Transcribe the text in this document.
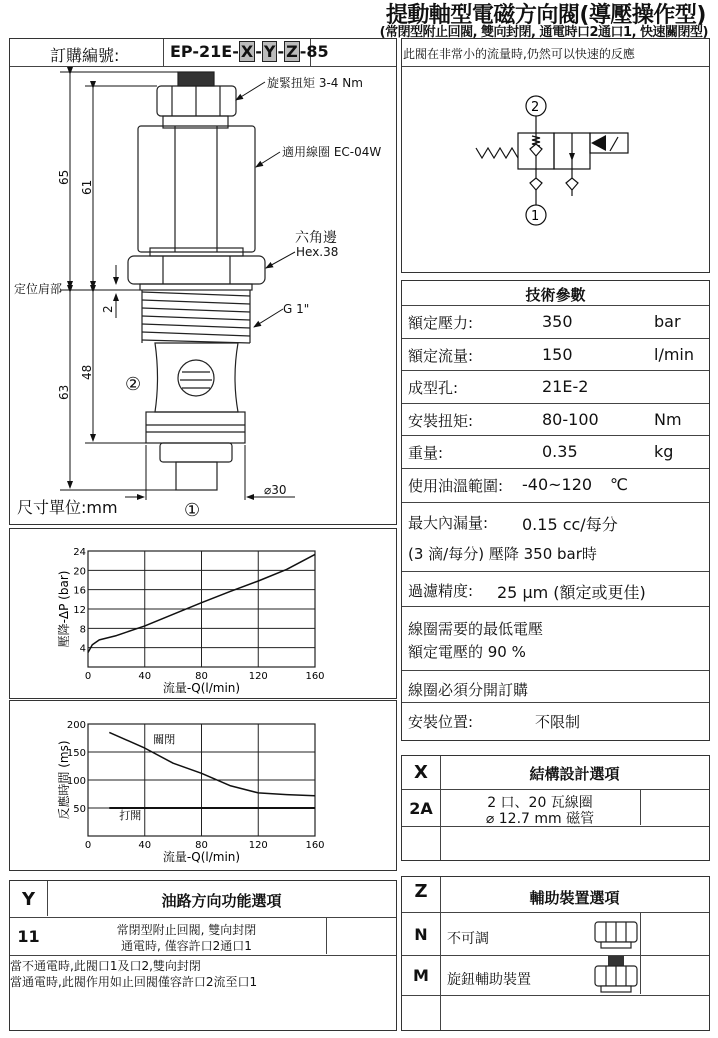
提動軸型電磁方向閥(導壓操作型)
(常閉型附止回閥, 雙向封閉, 通電時口2通口1, 快速關閉型)
訂購編號:	EP-21E- X - Y - Z -85
旋緊扭矩 3-4 Nm
適用線圈 EC-04W
六角邊
Hex.38
G 1"
定位肩部
⌀30
65
61
63
48
2
②
①
尺寸單位:mm
此閥在非常小的流量時,仍然可以快速的反應
2
1
技術參數
額定壓力:	350	bar
額定流量:	150	l/min
成型孔:	21E-2
安裝扭矩:	80-100	Nm
重量:	0.35	kg
使用油溫範圍: -40~120 ℃
最大內漏量: 0.15 cc/每分
(3 滴/每分) 壓降 350 bar時
過濾精度: 25 μm (額定或更佳)
線圈需要的最低電壓
額定電壓的 90 %
線圈必須分開訂購
安裝位置:	不限制
0	40	80	120	160
4
8
12
16
20
24
流量-Q(l/min)
壓降-ΔP (bar)
0	40	80	120	160
50
100
150
200
流量-Q(l/min)
反應時間 (ms)
關閉
打開
X	結構設計選項
2A	2 口、20 瓦線圈
⌀ 12.7 mm 磁管
Y	油路方向功能選項
11	常閉型附止回閥, 雙向封閉
通電時, 僅容許口2通口1
當不通電時,此閥口1及口2,雙向封閉
當通電時,此閥作用如止回閥僅容許口2流至口1
Z	輔助裝置選項
N	不可調
M	旋鈕輔助裝置
